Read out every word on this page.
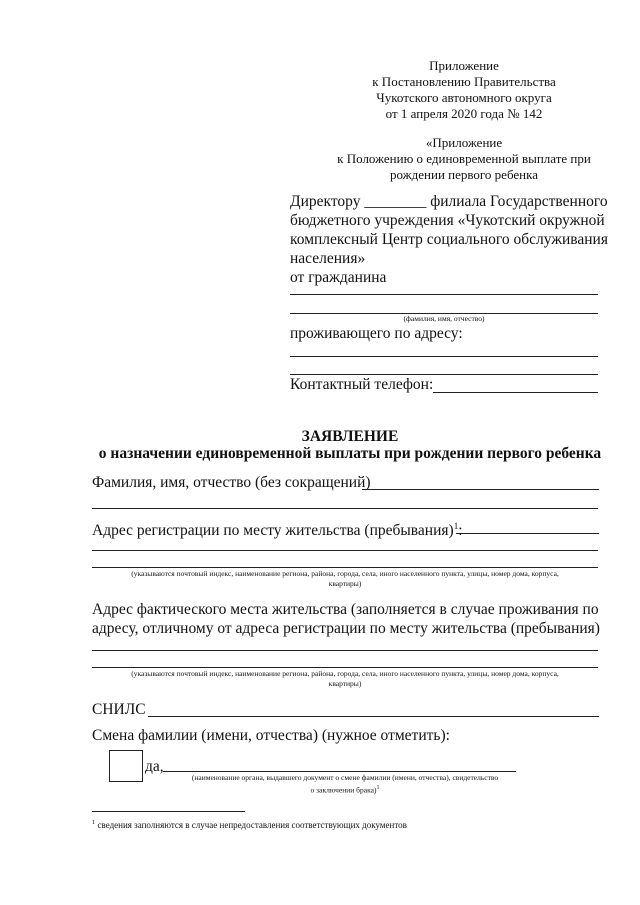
Приложение
к Постановлению Правительства
Чукотского автономного округа
от 1 апреля 2020 года № 142
«Приложение
к Положению о единовременной выплате при
рождении первого ребенка
Директору ________ филиала Государственного
бюджетного учреждения «Чукотский окружной
комплексный Центр социального обслуживания
населения»
от гражданина
(фамилия, имя, отчество)
проживающего по адресу:
Контактный телефон:
ЗАЯВЛЕНИЕ
о назначении единовременной выплаты при рождении первого ребенка
Фамилия, имя, отчество (без сокращений)
Адрес регистрации по месту жительства (пребывания)$^1$:
(указываются почтовый индекс, наименование региона, района, города, села, иного населенного пункта, улицы, номер дома, корпуса,
квартиры)
Адрес фактического места жительства (заполняется в случае проживания по
адресу, отличному от адреса регистрации по месту жительства (пребывания)
(указываются почтовый индекс, наименование региона, района, города, села, иного населенного пункта, улицы, номер дома, корпуса,
квартиры)
СНИЛС
Смена фамилии (имени, отчества) (нужное отметить):
да,
(наименование органа, выдавшего документ о смене фамилии (имени, отчества), свидетельство
о заключении брака)$^1$
$^1$ сведения заполняются в случае непредоставления соответствующих документов
